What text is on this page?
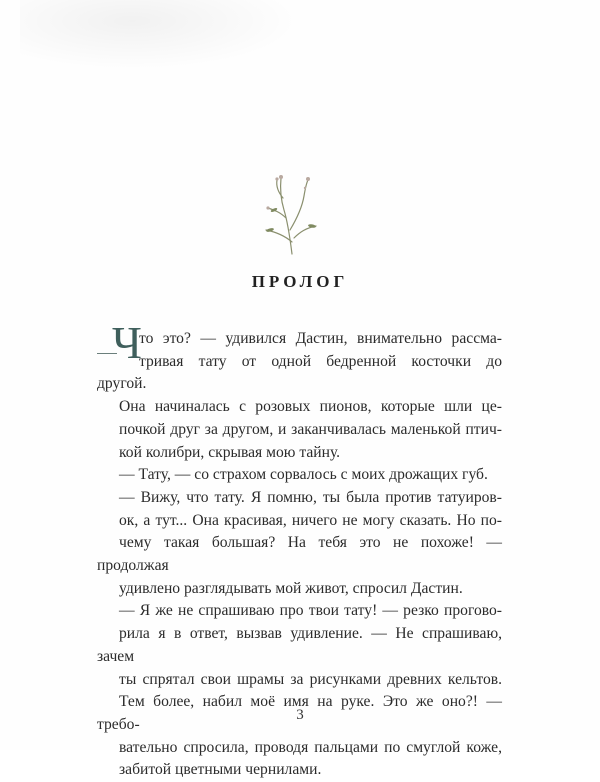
ПРОЛОГ
Ч
то это? — удивился Дастин, внимательно рассма-
тривая тату от одной бедренной косточки до
другой.
Она начиналась с розовых пионов, которые шли це-
почкой друг за другом, и заканчивалась маленькой птич-
кой колибри, скрывая мою тайну.
— Тату, — со страхом сорвалось с моих дрожащих губ.
— Вижу, что тату. Я помню, ты была против татуиров-
ок, а тут... Она красивая, ничего не могу сказать. Но по-
чему такая большая? На тебя это не похоже! — продолжая
удивлено разглядывать мой живот, спросил Дастин.
— Я же не спрашиваю про твои тату! — резко прогово-
рила я в ответ, вызвав удивление. — Не спрашиваю, зачем
ты спрятал свои шрамы за рисунками древних кельтов.
Тем более, набил моё имя на руке. Это же оно?! — требо-
вательно спросила, проводя пальцами по смуглой коже,
забитой цветными чернилами.
3
